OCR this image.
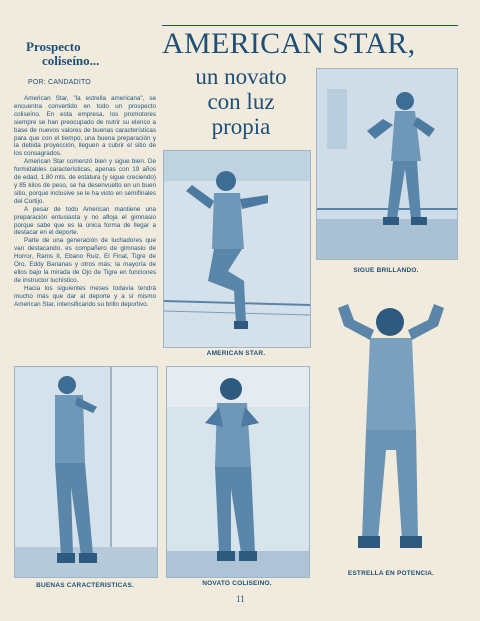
Prospecto
coliseíno...
POR: CANDADITO
AMERICAN STAR,
un novato
con luz
propia

American Star, "la estrella americana", se encuentra convertido en todo un prospecto coliseíno. En esta empresa, los promotores siempre se han preocupado de nutrir su elenco a base de nuevos valores de buenas características para que con el tiempo, una buena preparación y la debida proyección, lleguen a cubrir el sitio de los consagrados.

American Star comenzó bien y sigue bien. De formidables características, apenas con 19 años de edad, 1.80 mts. de estatura (y sigue creciendo) y 85 kilos de peso, se ha desenvuelto en un buen sitio, porque inclusive se le ha visto en semifinales del Cortijo.

A pesar de todo American mantiene una preparación entusiasta y no afloja el gimnasio porque sabe que es la única forma de llegar a destacar en el deporte.

Parte de una generación de luchadores que van destacando, es compañero de gimnasio de Horror, Rams II, Ebano Ruiz, El Final, Tigre de Oro, Eddy Bananas y otros más; la mayoría de ellos bajo la mirada de Ojo de Tigre en funciones de instructor luchístico.

Hacia los siguientes meses todavía tendrá mucho más que dar al deporte y a sí mismo American Star, intensificando su brillo deportivo.

SIGUE BRILLANDO.
AMERICAN STAR.
BUENAS CARACTERISTICAS.	NOVATO COLISEINO.
ESTRELLA EN POTENCIA.
11
